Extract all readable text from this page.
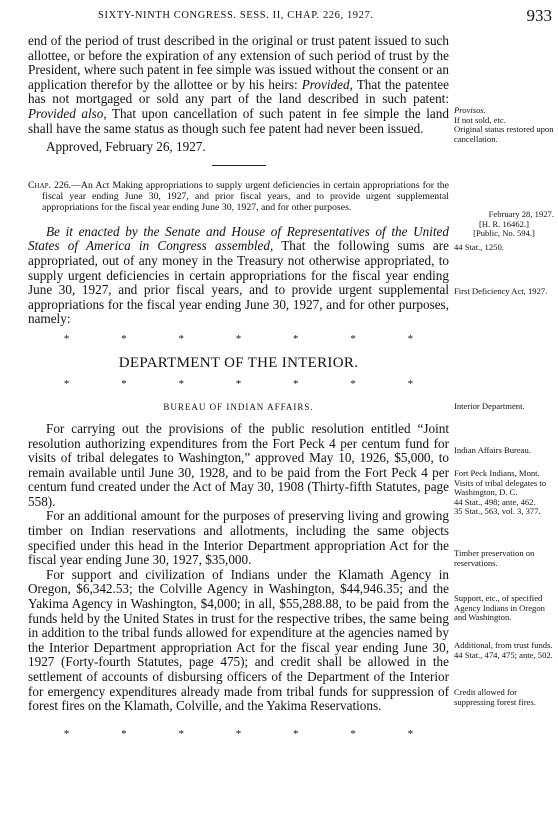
SIXTY-NINTH CONGRESS. SESS. II, CHAP. 226, 1927.	933

end of the period of trust described in the original or trust patent issued to such allottee, or before the expiration of any extension of such period of trust by the President, where such patent in fee simple was issued without the consent or an application therefor by the allottee or by his heirs: Provided, That the patentee has not mortgaged or sold any part of the land described in such patent: Provided also, That upon cancellation of such patent in fee simple the land shall have the same status as though such fee patent had never been issued.

Approved, February 26, 1927.

Chap. 226.—An Act Making appropriations to supply urgent deficiencies in certain appropriations for the fiscal year ending June 30, 1927, and prior fiscal years, and to provide urgent supplemental appropriations for the fiscal year ending June 30, 1927, and for other purposes.

Be it enacted by the Senate and House of Representatives of the United States of America in Congress assembled, That the following sums are appropriated, out of any money in the Treasury not otherwise appropriated, to supply urgent deficiencies in certain appropriations for the fiscal year ending June 30, 1927, and prior fiscal years, and to provide urgent supplemental appropriations for the fiscal year ending June 30, 1927, and for other purposes, namely:

*	*	*	*	*	*	*
DEPARTMENT OF THE INTERIOR.
*	*	*	*	*	*	*
BUREAU OF INDIAN AFFAIRS.

For carrying out the provisions of the public resolution entitled “Joint resolution authorizing expenditures from the Fort Peck 4 per centum fund for visits of tribal delegates to Washington,” approved May 10, 1926, $5,000, to remain available until June 30, 1928, and to be paid from the Fort Peck 4 per centum fund created under the Act of May 30, 1908 (Thirty-fifth Statutes, page 558).

For an additional amount for the purposes of preserving living and growing timber on Indian reservations and allotments, including the same objects specified under this head in the Interior Department appropriation Act for the fiscal year ending June 30, 1927, $35,000.

For support and civilization of Indians under the Klamath Agency in Oregon, $6,342.53; the Colville Agency in Washington, $44,946.35; and the Yakima Agency in Washington, $4,000; in all, $55,288.88, to be paid from the funds held by the United States in trust for the respective tribes, the same being in addition to the tribal funds allowed for expenditure at the agencies named by the Interior Department appropriation Act for the fiscal year ending June 30, 1927 (Forty-fourth Statutes, page 475); and credit shall be allowed in the settlement of accounts of disbursing officers of the Department of the Interior for emergency expenditures already made from tribal funds for suppression of forest fires on the Klamath, Colville, and the Yakima Reservations.

*	*	*	*	*	*	*
Provisos.
If not sold, etc.
Original status restored upon cancellation.
February 28, 1927.
[H. R. 16462.]
[Public, No. 594.]
44 Stat., 1250.
First Deficiency Act, 1927.
Interior Department.
Indian Affairs Bureau.
Fort Peck Indians, Mont.
Visits of tribal delegates to Washington, D. C.
44 Stat., 498; ante, 462.
35 Stat., 563, vol. 3, 377.
Timber preservation on reservations.
Support, etc., of specified Agency Indians in Oregon and Washington.
Additional, from trust funds.
44 Stat., 474, 475; ante, 502.
Credit allowed for suppressing forest fires.
